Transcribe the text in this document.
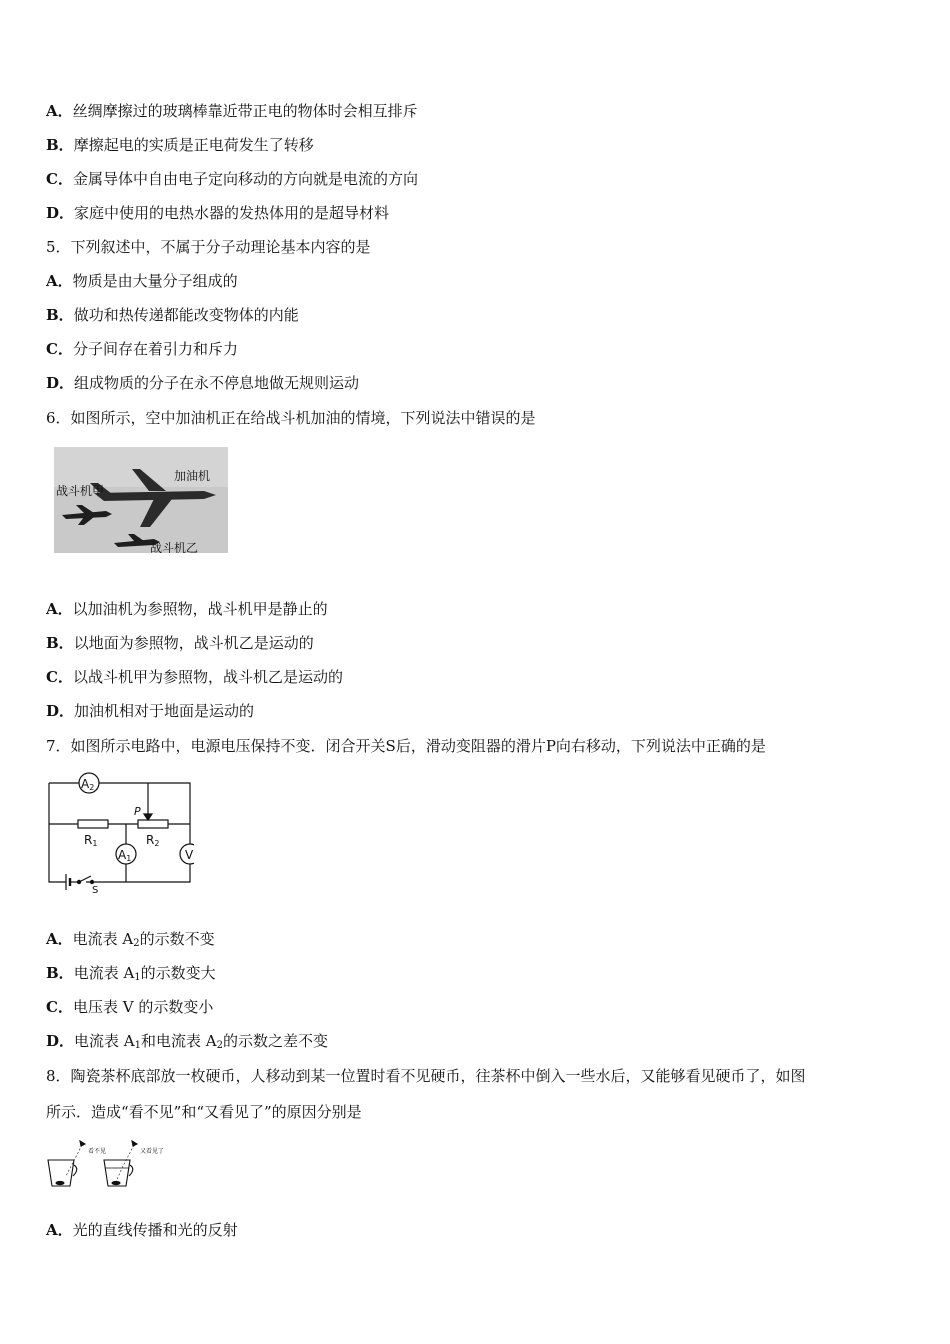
A．丝绸摩擦过的玻璃棒靠近带正电的物体时会相互排斥
B．摩擦起电的实质是正电荷发生了转移
C．金属导体中自由电子定向移动的方向就是电流的方向
D．家庭中使用的电热水器的发热体用的是超导材料
5．下列叙述中，不属于分子动理论基本内容的是
A．物质是由大量分子组成的
B．做功和热传递都能改变物体的内能
C．分子间存在着引力和斥力
D．组成物质的分子在永不停息地做无规则运动
6．如图所示，空中加油机正在给战斗机加油的情境，下列说法中错误的是
加油机
战斗机甲
战斗机乙
A．以加油机为参照物，战斗机甲是静止的
B．以地面为参照物，战斗机乙是运动的
C．以战斗机甲为参照物，战斗机乙是运动的
D．加油机相对于地面是运动的
7．如图所示电路中，电源电压保持不变．闭合开关S后，滑动变阻器的滑片P向右移动，下列说法中正确的是
A2
P
R1	R2
A1	V
S
A．电流表 $A_2$的示数不变
B．电流表 $A_1$的示数变大
C．电压表 V 的示数变小
D．电流表 $A_1$和电流表 $A_2$的示数之差不变
8．陶瓷茶杯底部放一枚硬币，人移动到某一位置时看不见硬币，往茶杯中倒入一些水后，又能够看见硬币了，如图
所示．造成“看不见”和“又看见了”的原因分别是
看不见	又看见了
A．光的直线传播和光的反射
